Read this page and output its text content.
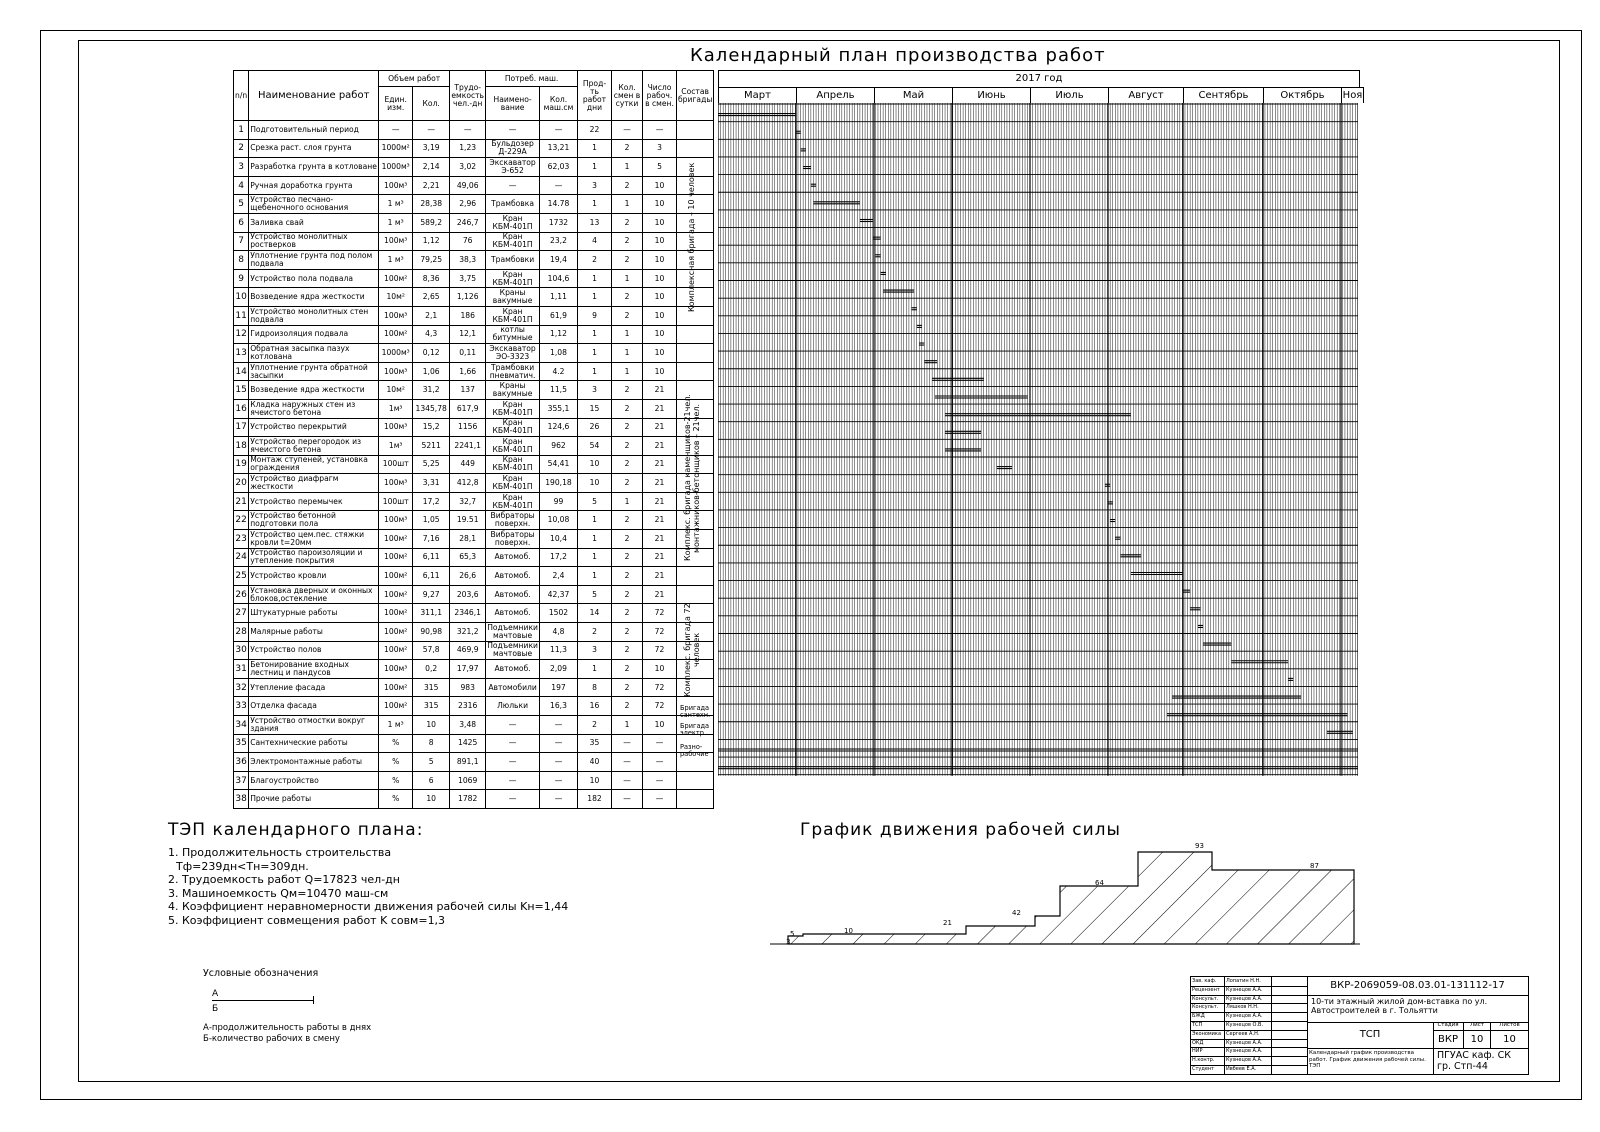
Календарный план производства работ
n/n	Наименование работ	Объем работ		Трудо-емкость чел.-дн	Потреб. маш.		Прод-ть работ дни	Кол. смен в сутки	Число рабоч. в смен.	Состав бригады
		Един. изм.	Кол.		Наимено-вание	Кол. маш.см				

1	Подготовительный период	—	—	—	—	—	22	—	—	
2	Срезка раст. слоя грунта	1000м²	3,19	1,23	Бульдозер Д-229А	13,21	1	2	3	
3	Разработка грунта в котловане	1000м³	2,14	3,02	Экскаватор Э-652	62,03	1	1	5	
4	Ручная доработка грунта	100м³	2,21	49,06	—	—	3	2	10	
5	Устройство песчано-щебеночного основания	1 м³	28,38	2,96	Трамбовка	14.78	1	1	10	
6	Заливка свай	1 м³	589,2	246,7	Кран КБМ-401П	1732	13	2	10	
7	Устройство монолитных ростверков	100м³	1,12	76	Кран КБМ-401П	23,2	4	2	10	
8	Уплотнение грунта под полом подвала	1 м³	79,25	38,3	Трамбовки	19,4	2	2	10	
9	Устройство пола подвала	100м²	8,36	3,75	Кран КБМ-401П	104,6	1	1	10	
10	Возведение ядра жесткости	10м²	2,65	1,126	Краны вакумные	1,11	1	2	10	
11	Устройство монолитных стен подвала	100м³	2,1	186	Кран КБМ-401П	61,9	9	2	10	
12	Гидроизоляция подвала	100м²	4,3	12,1	котлы битумные	1,12	1	1	10	
13	Обратная засыпка пазух котлована	1000м³	0,12	0,11	Экскаватор ЭО-3323	1,08	1	1	10	
14	Уплотнение грунта обратной засыпки	100м³	1,06	1,66	Трамбовки пневматич.	4.2	1	1	10	
15	Возведение ядра жесткости	10м²	31,2	137	Краны вакумные	11,5	3	2	21	
16	Кладка наружных стен из ячеистого бетона	1м³	1345,78	617,9	Кран КБМ-401П	355,1	15	2	21	
17	Устройство перекрытий	100м³	15,2	1156	Кран КБМ-401П	124,6	26	2	21	
18	Устройство перегородок из ячеистого бетона	1м³	5211	2241,1	Кран КБМ-401П	962	54	2	21	
19	Монтаж ступеней, установка ограждения	100шт	5,25	449	Кран КБМ-401П	54,41	10	2	21	
20	Устройство диафрагм жесткости	100м³	3,31	412,8	Кран КБМ-401П	190,18	10	2	21	
21	Устройство перемычек	100шт	17,2	32,7	Кран КБМ-401П	99	5	1	21	
22	Устройство бетонной подготовки пола	100м³	1,05	19.51	Вибраторы поверхн.	10,08	1	2	21	
23	Устройство цем.пес. стяжки кровли t=20мм	100м²	7,16	28,1	Вибраторы поверхн.	10,4	1	2	21	
24	Устройство пароизоляции и утепление покрытия	100м²	6,11	65,3	Автомоб.	17,2	1	2	21	
25	Устройство кровли	100м²	6,11	26,6	Автомоб.	2,4	1	2	21	
26	Установка дверных и оконных блоков,остекление	100м²	9,27	203,6	Автомоб.	42,37	5	2	21	
27	Штукатурные работы	100м²	311,1	2346,1	Автомоб.	1502	14	2	72	
28	Малярные работы	100м²	90,98	321,2	Подъемники мачтовые	4,8	2	2	72	
30	Устройство полов	100м²	57,8	469,9	Подъемники мачтовые	11,3	3	2	72	
31	Бетонирование входных лестниц и пандусов	100м³	0,2	17,97	Автомоб.	2,09	1	2	10	
32	Утепление фасада	100м²	315	983	Автомобили	197	8	2	72	
33	Отделка фасада	100м²	315	2316	Люльки	16,3	16	2	72	
34	Устройство отмостки вокруг здания	1 м³	10	3,48	—	—	2	1	10	
35	Сантехнические работы	%	8	1425	—	—	35	—	—	
36	Электромонтажные работы	%	5	891,1	—	—	40	—	—	
37	Благоустройство	%	6	1069	—	—	10	—	—	
38	Прочие работы	%	10	1782	—	—	182	—	—	
Комплексная бригада – 10 человек
Комплекс. бригада каменщиков-21чел. монтажников-бетонщиков – 21чел.
Комплекс. бригада 72 человек
Бригада сантехн.
Бригада электр.
Разно-рабочие
2017 год
Март	Апрель	Май	Июнь	Июль	Август	Сентябрь	Октябрь	Ноя
ТЭП календарного плана:
1. Продолжительность строительства
Тф=239дн<Тн=309дн.
2. Трудоемкость работ Q=17823 чел-дн
3. Машиноемкость Qм=10470 маш-см
4. Коэффициент неравномерности движения рабочей силы Kн=1,44
5. Коэффициент совмещения работ K совм=1,3
График движения рабочей силы
5
3
10
21
42
64
93
87
Условные обозначения
А
Б
А-продолжительность работы в днях
Б-количество рабочих в смену
Зав. каф.	Лопатин Н.Н.
Рецензент	Кузнецов А.А.
Консульт.	Кузнецов А.А.
Консульт.	Ляшков Н.Н.
БЖД	Кузнецов А.А.
ТСП	Кузнецов О.В.
Экономика Сергеев А.Н.
ОКД	Кузнецов А.А.
НИР	Кузнецов А.А.
Н.контр.	Кузнецов А.А.
Студент	Ивбеев Е.А.
ВКР-2069059-08.03.01-131112-17
10-ти этажный жилой дом-вставка по ул. Автостроителей в г. Тольятти
ТСП
Стадия	Лист	Листов
ВКР	10	10
Календарный график производства работ. График движения рабочей силы. ТЭП
ПГУАС каф. СК гр. Стп-44
